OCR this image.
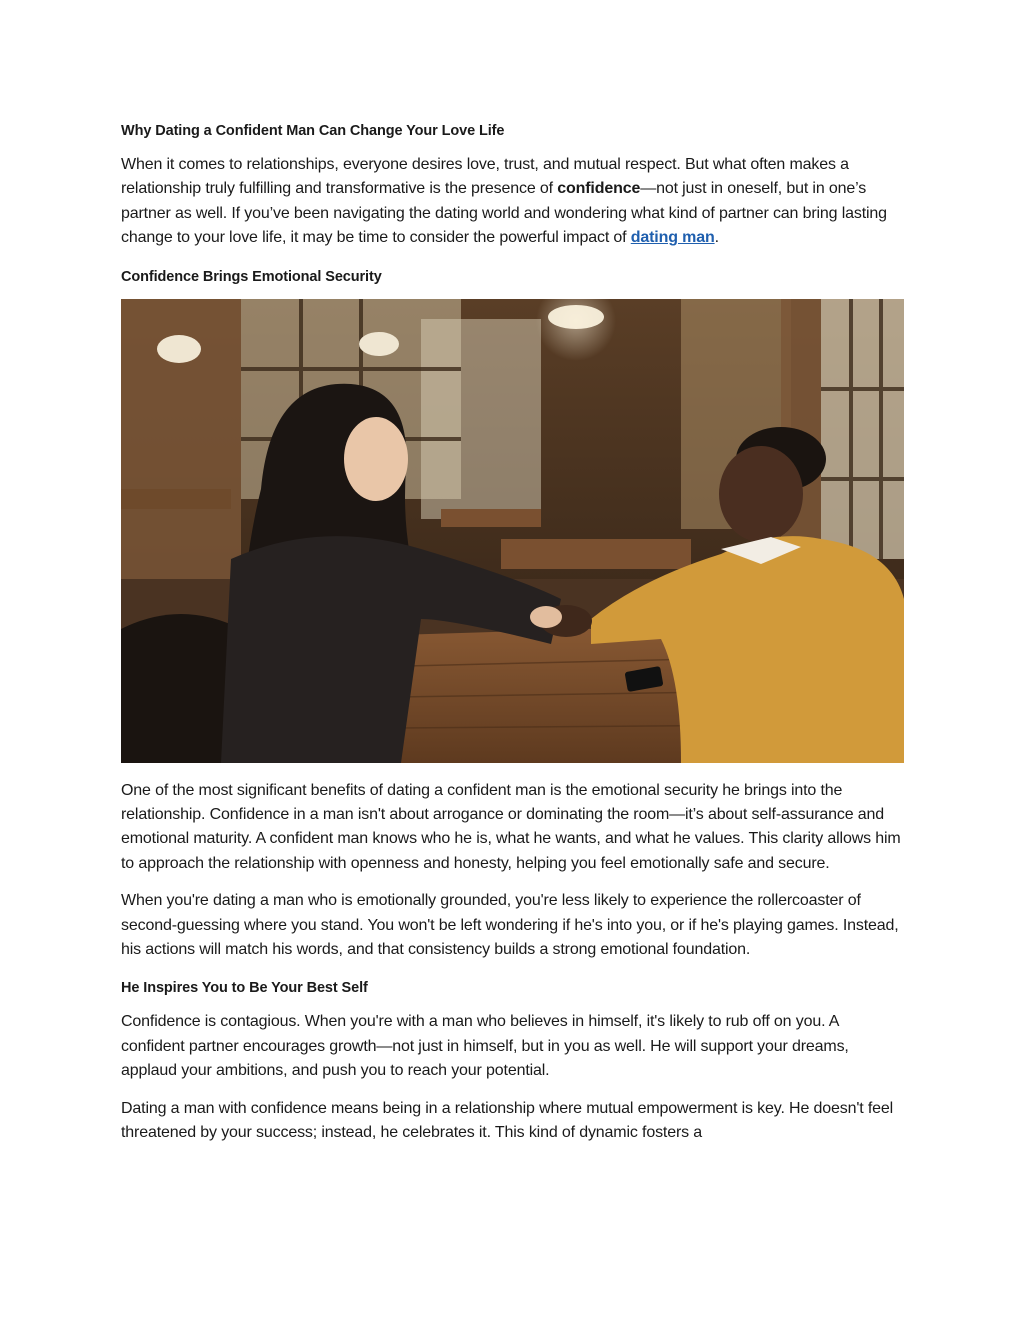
Why Dating a Confident Man Can Change Your Love Life

When it comes to relationships, everyone desires love, trust, and mutual respect. But what often makes a relationship truly fulfilling and transformative is the presence of confidence—not just in oneself, but in one’s partner as well. If you’ve been navigating the dating world and wondering what kind of partner can bring lasting change to your love life, it may be time to consider the powerful impact of dating man.

Confidence Brings Emotional Security

One of the most significant benefits of dating a confident man is the emotional security he brings into the relationship. Confidence in a man isn't about arrogance or dominating the room—it’s about self-assurance and emotional maturity. A confident man knows who he is, what he wants, and what he values. This clarity allows him to approach the relationship with openness and honesty, helping you feel emotionally safe and secure.

When you're dating a man who is emotionally grounded, you're less likely to experience the rollercoaster of second-guessing where you stand. You won't be left wondering if he's into you, or if he's playing games. Instead, his actions will match his words, and that consistency builds a strong emotional foundation.

He Inspires You to Be Your Best Self

Confidence is contagious. When you're with a man who believes in himself, it's likely to rub off on you. A confident partner encourages growth—not just in himself, but in you as well. He will support your dreams, applaud your ambitions, and push you to reach your potential.

Dating a man with confidence means being in a relationship where mutual empowerment is key. He doesn't feel threatened by your success; instead, he celebrates it. This kind of dynamic fosters a
